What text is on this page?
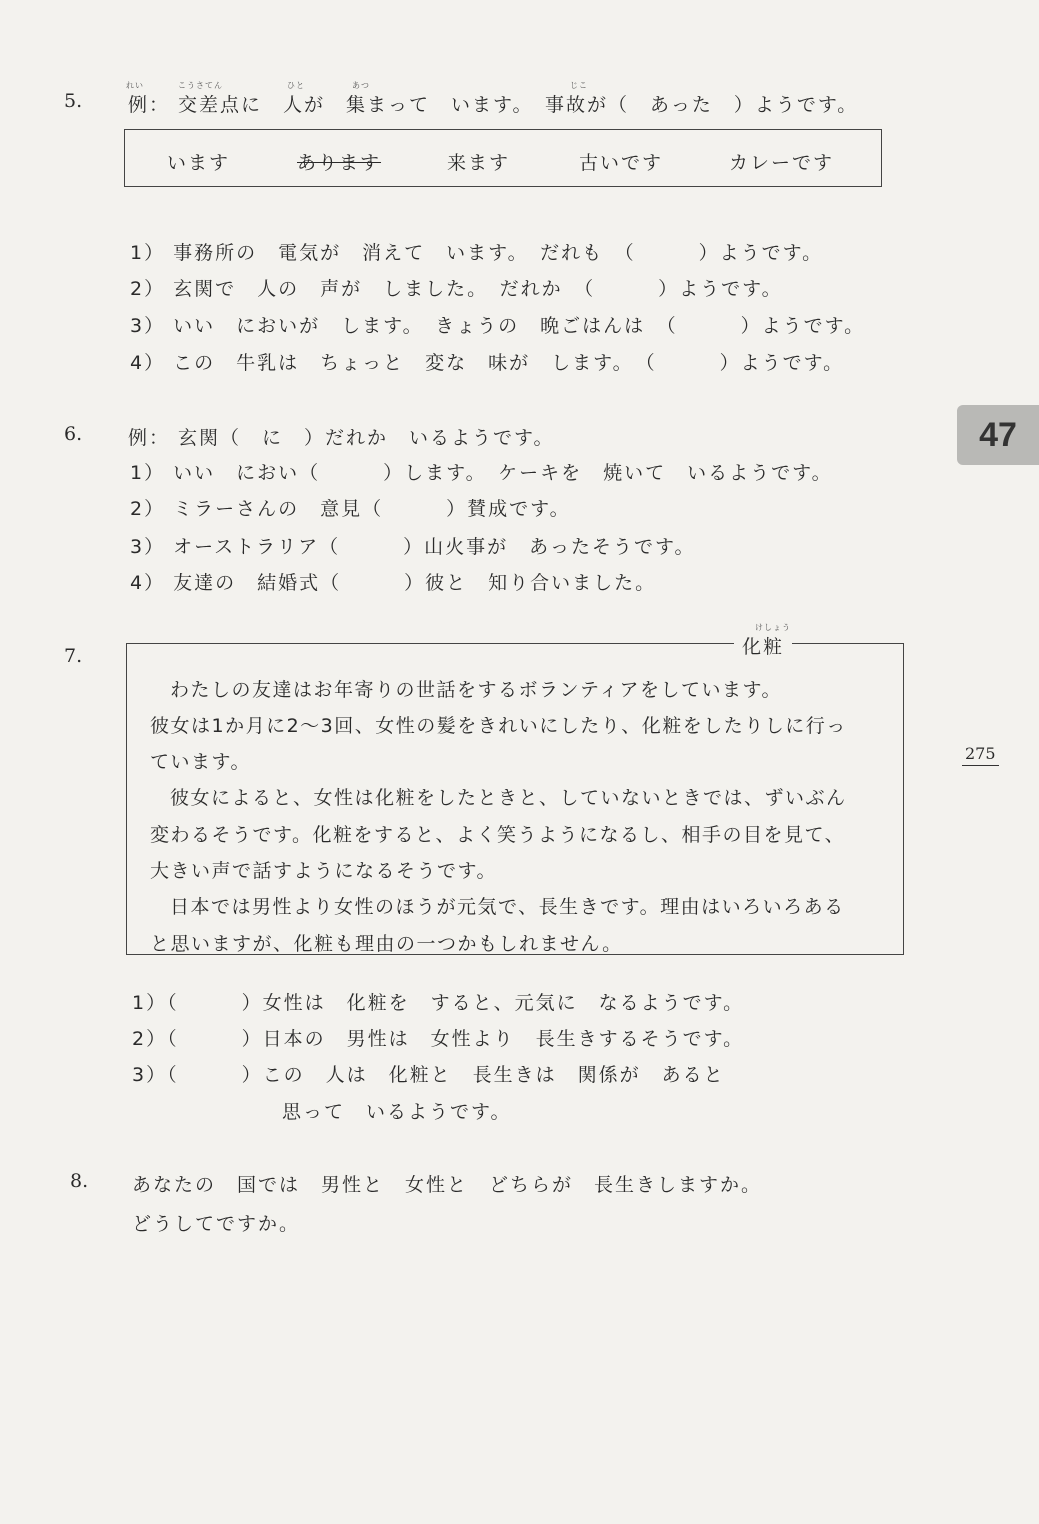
5.
れい	こうさてん	ひと	あつ	じこ
例： 交差点に　人が　集まって　います。　事故が（　あった　）ようです。
います	あります	来ます	古いです	カレーです
1） 事務所の　電気が　消えて　います。　だれも　（　　　）ようです。
2） 玄関で　人の　声が　しました。　だれか　（　　　）ようです。
3） いい　においが　します。　きょうの　晩ごはんは　（　　　）ようです。
4） この　牛乳は　ちょっと　変な　味が　します。　（　　　）ようです。
47
6. 例： 玄関（　に　）だれか　いるようです。
1） いい　におい（　　　）します。　ケーキを　焼いて　いるようです。
2） ミラーさんの　意見（　　　）賛成です。
3） オーストラリア（　　　）山火事が　あったそうです。
4） 友達の　結婚式（　　　）彼と　知り合いました。
7.
けしょう
化粧
わたしの友達はお年寄りの世話をするボランティアをしています。
彼女は1か月に2〜3回、女性の髪をきれいにしたり、化粧をしたりしに行っ
ています。
彼女によると、女性は化粧をしたときと、していないときでは、ずいぶん
変わるそうです。化粧をすると、よく笑うようになるし、相手の目を見て、
大きい声で話すようになるそうです。
日本では男性より女性のほうが元気で、長生きです。理由はいろいろある
と思いますが、化粧も理由の一つかもしれません。
275
1）（　　　）女性は　化粧を　すると、元気に　なるようです。
2）（　　　）日本の　男性は　女性より　長生きするそうです。
3）（　　　）この　人は　化粧と　長生きは　関係が　あると
思って　いるようです。
8. あなたの　国では　男性と　女性と　どちらが　長生きしますか。
どうしてですか。
